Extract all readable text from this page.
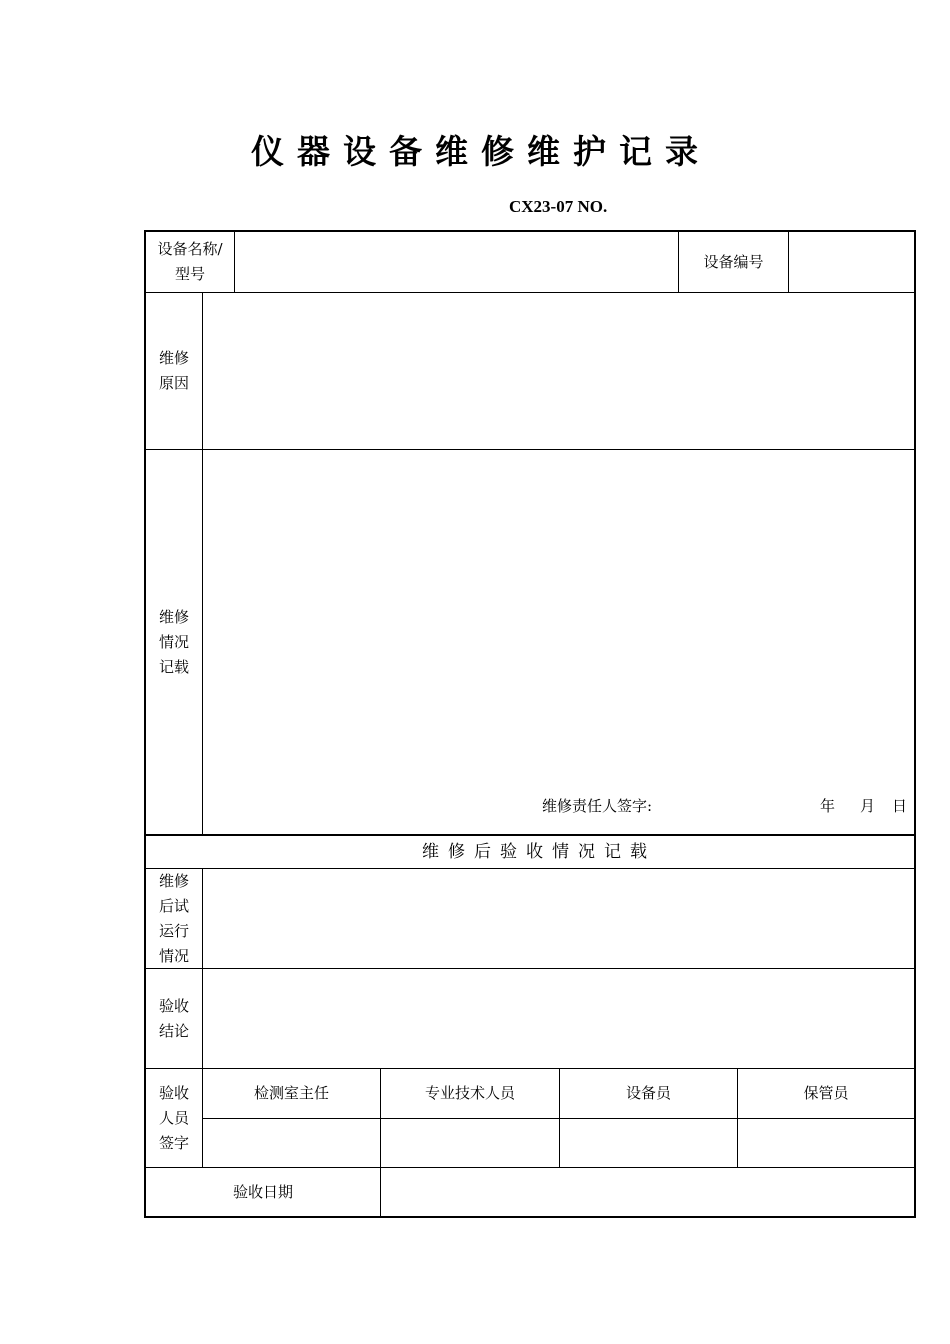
仪器设备维修维护记录
CX23-07 NO.
设备名称/
型号
设备编号
维修
原因
维修
情况
记载
维修责任人签字:	年 月 日
维修后验收情况记载
维修
后试
运行
情况
验收
结论
验收
人员
签字
检测室主任	专业技术人员	设备员	保管员
验收日期
